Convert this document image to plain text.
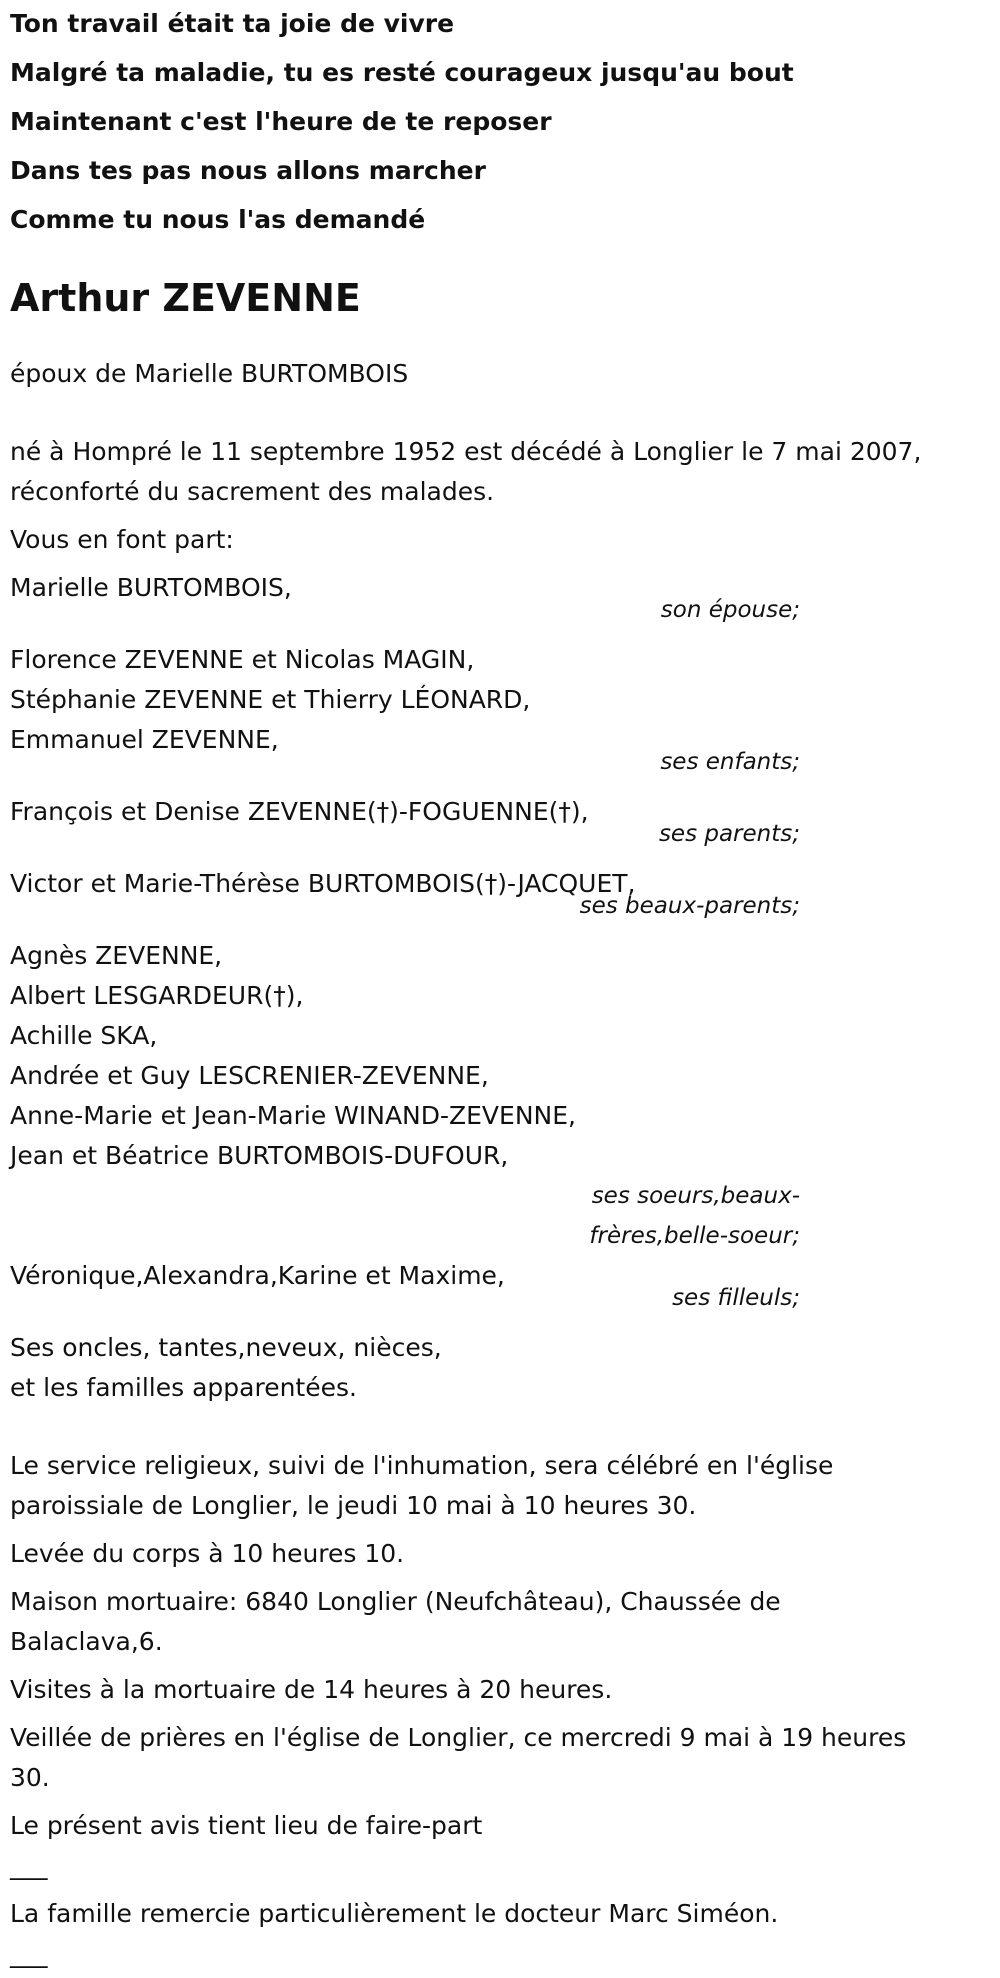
Ton travail était ta joie de vivre

Malgré ta maladie, tu es resté courageux jusqu'au bout

Maintenant c'est l'heure de te reposer

Dans tes pas nous allons marcher

Comme tu nous l'as demandé

Arthur ZEVENNE

époux de Marielle BURTOMBOIS

né à Hompré le 11 septembre 1952 est décédé à Longlier le 7 mai 2007,

réconforté du sacrement des malades.

Vous en font part:

Marielle BURTOMBOIS,

son épouse;

Florence ZEVENNE et Nicolas MAGIN,

Stéphanie ZEVENNE et Thierry LÉONARD,

Emmanuel ZEVENNE,

ses enfants;

François et Denise ZEVENNE(†)-FOGUENNE(†),

ses parents;

Victor et Marie-Thérèse BURTOMBOIS(†)-JACQUET,

ses beaux-parents;

Agnès ZEVENNE,

Albert LESGARDEUR(†),

Achille SKA,

Andrée et Guy LESCRENIER-ZEVENNE,

Anne-Marie et Jean-Marie WINAND-ZEVENNE,

Jean et Béatrice BURTOMBOIS-DUFOUR,

ses soeurs,beaux-

frères,belle-soeur;

Véronique,Alexandra,Karine et Maxime,

ses filleuls;

Ses oncles, tantes,neveux, nièces,

et les familles apparentées.

Le service religieux, suivi de l'inhumation, sera célébré en l'église

paroissiale de Longlier, le jeudi 10 mai à 10 heures 30.

Levée du corps à 10 heures 10.

Maison mortuaire: 6840 Longlier (Neufchâteau), Chaussée de

Balaclava,6.

Visites à la mortuaire de 14 heures à 20 heures.

Veillée de prières en l'église de Longlier, ce mercredi 9 mai à 19 heures

30.

Le présent avis tient lieu de faire-part

___

La famille remercie particulièrement le docteur Marc Siméon.

___
